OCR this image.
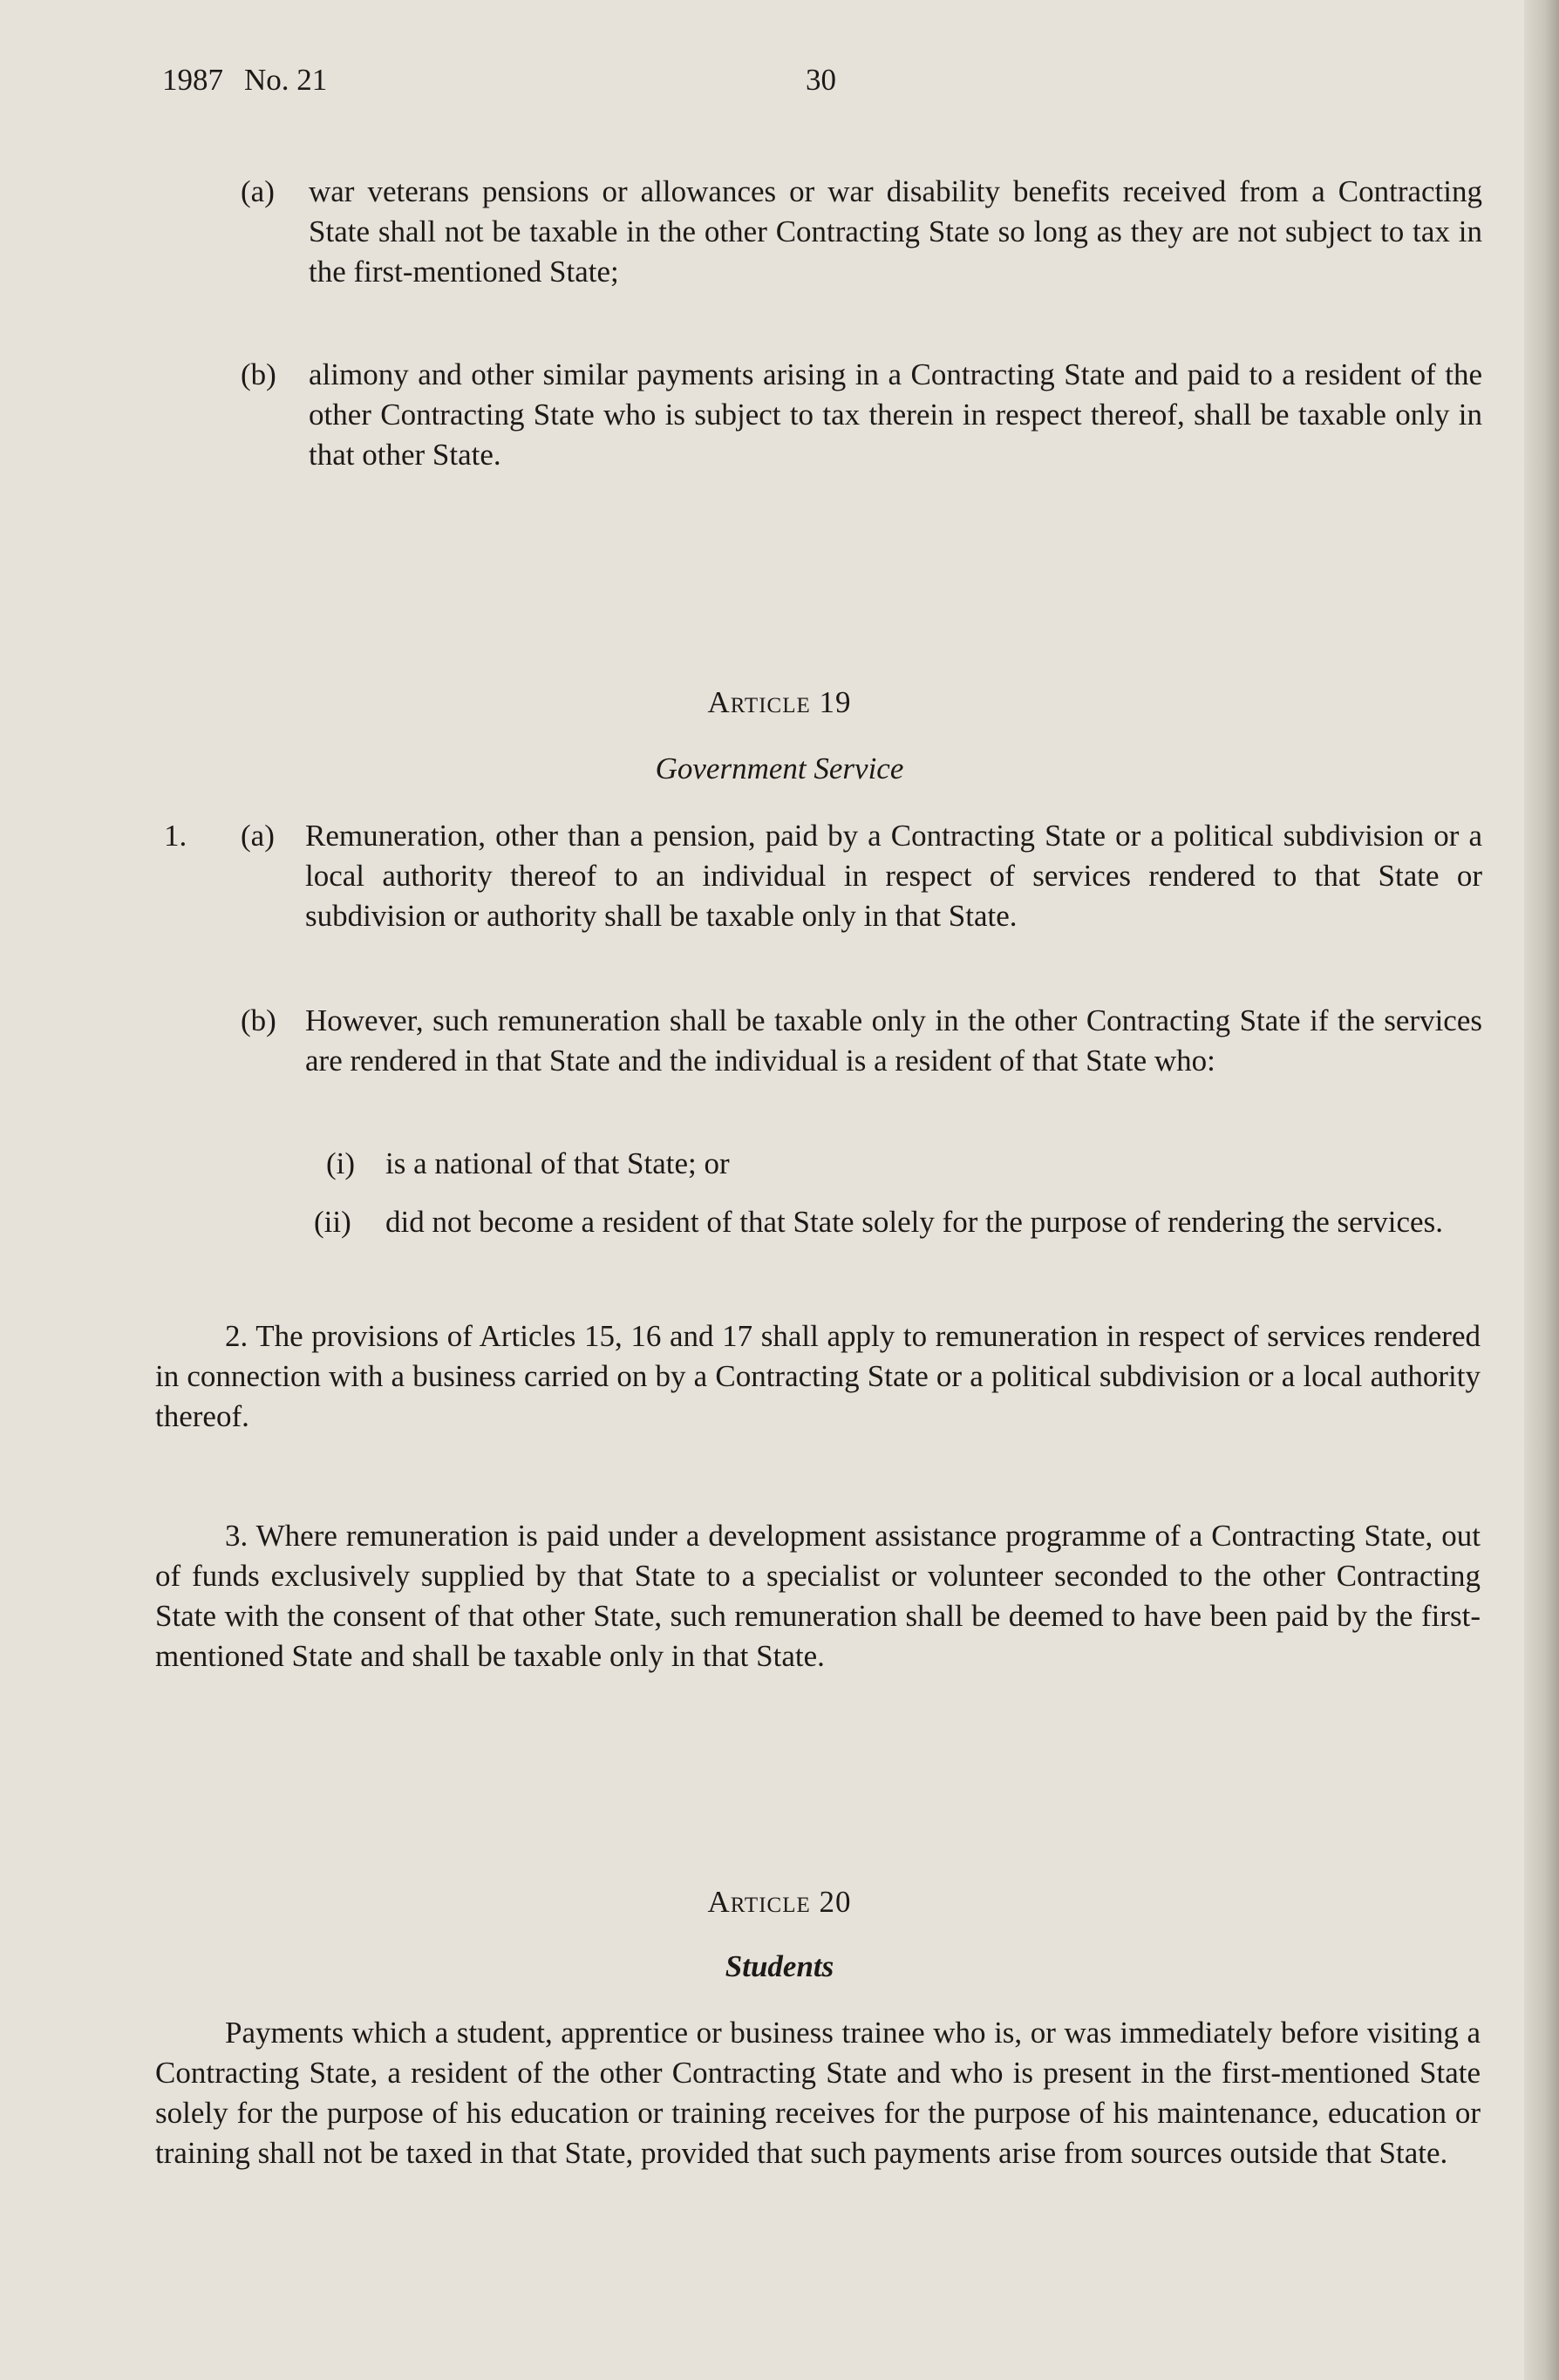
1987 No. 21	30
(a) war veterans pensions or allowances or war disability benefits received from a Contracting State shall not be taxable in the other Contracting State so long as they are not subject to tax in the first-mentioned State;

(b) alimony and other similar payments arising in a Contracting State and paid to a resident of the other Contracting State who is subject to tax therein in respect thereof, shall be taxable only in that other State.

Article 19
Government Service
1. (a) Remuneration, other than a pension, paid by a Contracting State or a political subdivision or a local authority thereof to an individual in respect of services rendered to that State or subdivision or authority shall be taxable only in that State.

(b) However, such remuneration shall be taxable only in the other Contracting State if the services are rendered in that State and the individual is a resident of that State who:

(i) is a national of that State; or

(ii) did not become a resident of that State solely for the purpose of rendering the services.

2. The provisions of Articles 15, 16 and 17 shall apply to remuneration in respect of services rendered in connection with a business carried on by a Contracting State or a political subdivision or a local authority thereof.

3. Where remuneration is paid under a development assistance programme of a Contracting State, out of funds exclusively supplied by that State to a specialist or volunteer seconded to the other Contracting State with the consent of that other State, such remuneration shall be deemed to have been paid by the first-mentioned State and shall be taxable only in that State.

Article 20
Students

Payments which a student, apprentice or business trainee who is, or was immediately before visiting a Contracting State, a resident of the other Contracting State and who is present in the first-mentioned State solely for the purpose of his education or training receives for the purpose of his maintenance, education or training shall not be taxed in that State, provided that such payments arise from sources outside that State.
